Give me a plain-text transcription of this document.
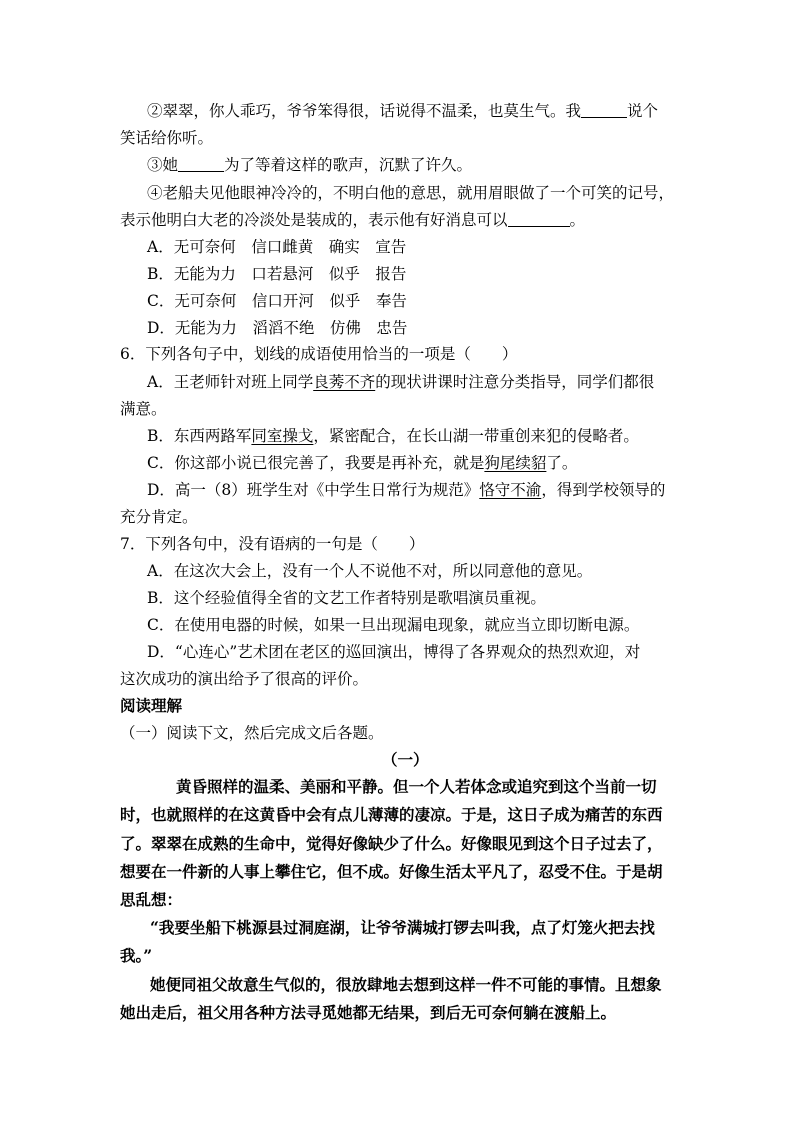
②翠翠，你人乖巧，爷爷笨得很，话说得不温柔，也莫生气。我	说个
笑话给你听。
③她	为了等着这样的歌声，沉默了许久。
④老船夫见他眼神冷冷的，不明白他的意思，就用眉眼做了一个可笑的记号，
表示他明白大老的冷淡处是装成的，表示他有好消息可以	。
A．无可奈何　信口雌黄　确实　宣告
B．无能为力　口若悬河　似乎　报告
C．无可奈何　信口开河　似乎　奉告
D．无能为力　滔滔不绝　仿佛　忠告
6．下列各句子中，划线的成语使用恰当的一项是（　　）
A．王老师针对班上同学良莠不齐的现状讲课时注意分类指导，同学们都很
满意。
B．东西两路军同室操戈，紧密配合，在长山湖一带重创来犯的侵略者。
C．你这部小说已很完善了，我要是再补充，就是狗尾续貂了。
D．高一（8）班学生对《中学生日常行为规范》恪守不渝，得到学校领导的
充分肯定。
7．下列各句中，没有语病的一句是（　　）
A．在这次大会上，没有一个人不说他不对，所以同意他的意见。
B．这个经验值得全省的文艺工作者特别是歌唱演员重视。
C．在使用电器的时候，如果一旦出现漏电现象，就应当立即切断电源。
D．“心连心”艺术团在老区的巡回演出，博得了各界观众的热烈欢迎，对
这次成功的演出给予了很高的评价。
阅读理解
（一）阅读下文，然后完成文后各题。
（一）
黄昏照样的温柔、美丽和平静。但一个人若体念或追究到这个当前一切
时，也就照样的在这黄昏中会有点儿薄薄的凄凉。于是，这日子成为痛苦的东西
了。翠翠在成熟的生命中，觉得好像缺少了什么。好像眼见到这个日子过去了，
想要在一件新的人事上攀住它，但不成。好像生活太平凡了，忍受不住。于是胡
思乱想：
“我要坐船下桃源县过洞庭湖，让爷爷满城打锣去叫我，点了灯笼火把去找
我。”
她便同祖父故意生气似的，很放肆地去想到这样一件不可能的事情。且想象
她出走后，祖父用各种方法寻觅她都无结果，到后无可奈何躺在渡船上。
